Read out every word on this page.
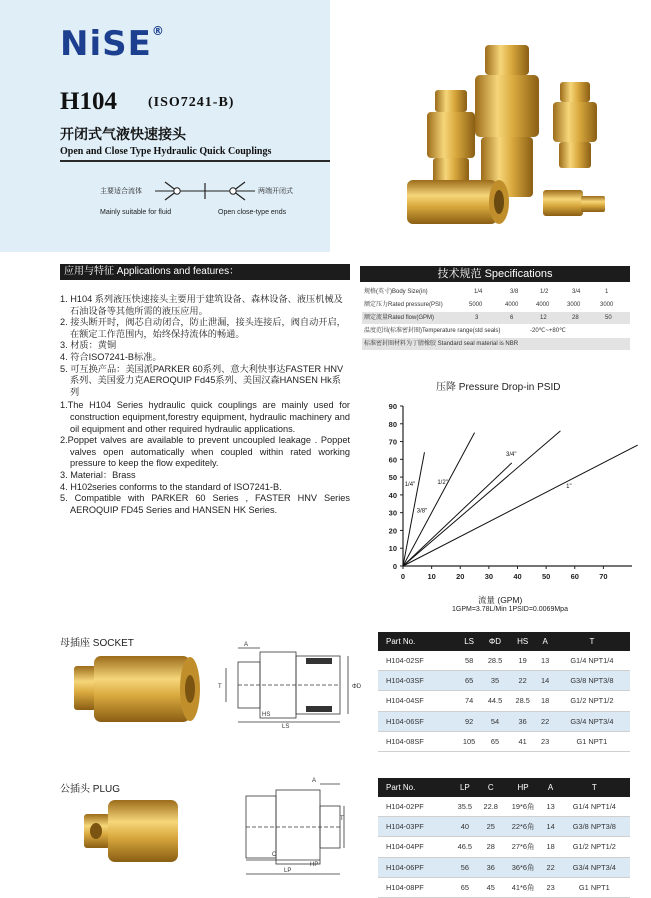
NiSE®
H104 (ISO7241-B)
开闭式气液快速接头
Open and Close Type Hydraulic Quick Couplings
主要适合流体	两端开闭式
Mainly suitable for fluid	Open close-type ends
应用与特征 Applications and features：

1. H104 系列液压快速接头主要用于建筑设备、森林设备、液压机械及石油设备等其他所需的液压应用。

2. 接头断开时，阀芯自动闭合，防止泄漏，接头连接后，阀自动开启，在额定工作范围内，始终保持流体的畅通。

3. 材质：黄铜

4. 符合ISO7241-B标准。

5. 可互换产品：美国派PARKER 60系列、意大利快事达FASTER HNV系列、美国爱力克AEROQUIP Fd45系列、美国汉森HANSEN Hk系列

1.The H104 Series hydraulic quick couplings are mainly used for construction equipment,forestry equipment, hydraulic machinery and oil equipment and other required hydraulic applications.

2.Poppet valves are available to prevent uncoupled leakage . Poppet valves open automatically when coupled within rated working pressure to keep the flow expeditely.

3. Material：Brass

4. H102series conforms to the standard of ISO7241-B.

5. Compatible with PARKER 60 Series , FASTER HNV Series AEROQUIP FD45 Series and HANSEN HK Series.

技术规范 Specifications
规格(英寸)Body Size(in)	1/4	3/8	1/2	3/4	1
额定压力Rated pressure(PSI)	5000	4000	4000	3000	3000
额定流量Rated flow(GPM)	3	6	12	28	50
温度范围(标准密封圈)Temperature range(std seals)	-20℃~+80℃
标准密封圈材料为丁腈橡胶 Standard seal material is NBR
压降 Pressure Drop-in PSID
0
10
20
30
40
50
60
70
80
90
0	10	20	30	40	50	60	70
1/4"
3/8"
1/2"
3/4"
1"
流量 (GPM)
1GPM=3.78L/Min 1PSID=0.0069Mpa
母插座 SOCKET	A
T	ΦD
HS
LS
Part No.	LS	ΦD	HS	A	T
H104-02SF	58	28.5	19	13	G1/4 NPT1/4
H104-03SF	65	35	22	14	G3/8 NPT3/8
H104-04SF	74	44.5	28.5	18	G1/2 NPT1/2
H104-06SF	92	54	36	22	G3/4 NPT3/4
H104-08SF	105	65	41	23	G1 NPT1
公插头 PLUG
A
T
C
HP
LP
Part No.	LP	C	HP	A	T
H104-02PF	35.5	22.8	19*6角	13	G1/4 NPT1/4
H104-03PF	40	25	22*6角	14	G3/8 NPT3/8
H104-04PF	46.5	28	27*6角	18	G1/2 NPT1/2
H104-06PF	56	36	36*6角	22	G3/4 NPT3/4
H104-08PF	65	45	41*6角	23	G1 NPT1
